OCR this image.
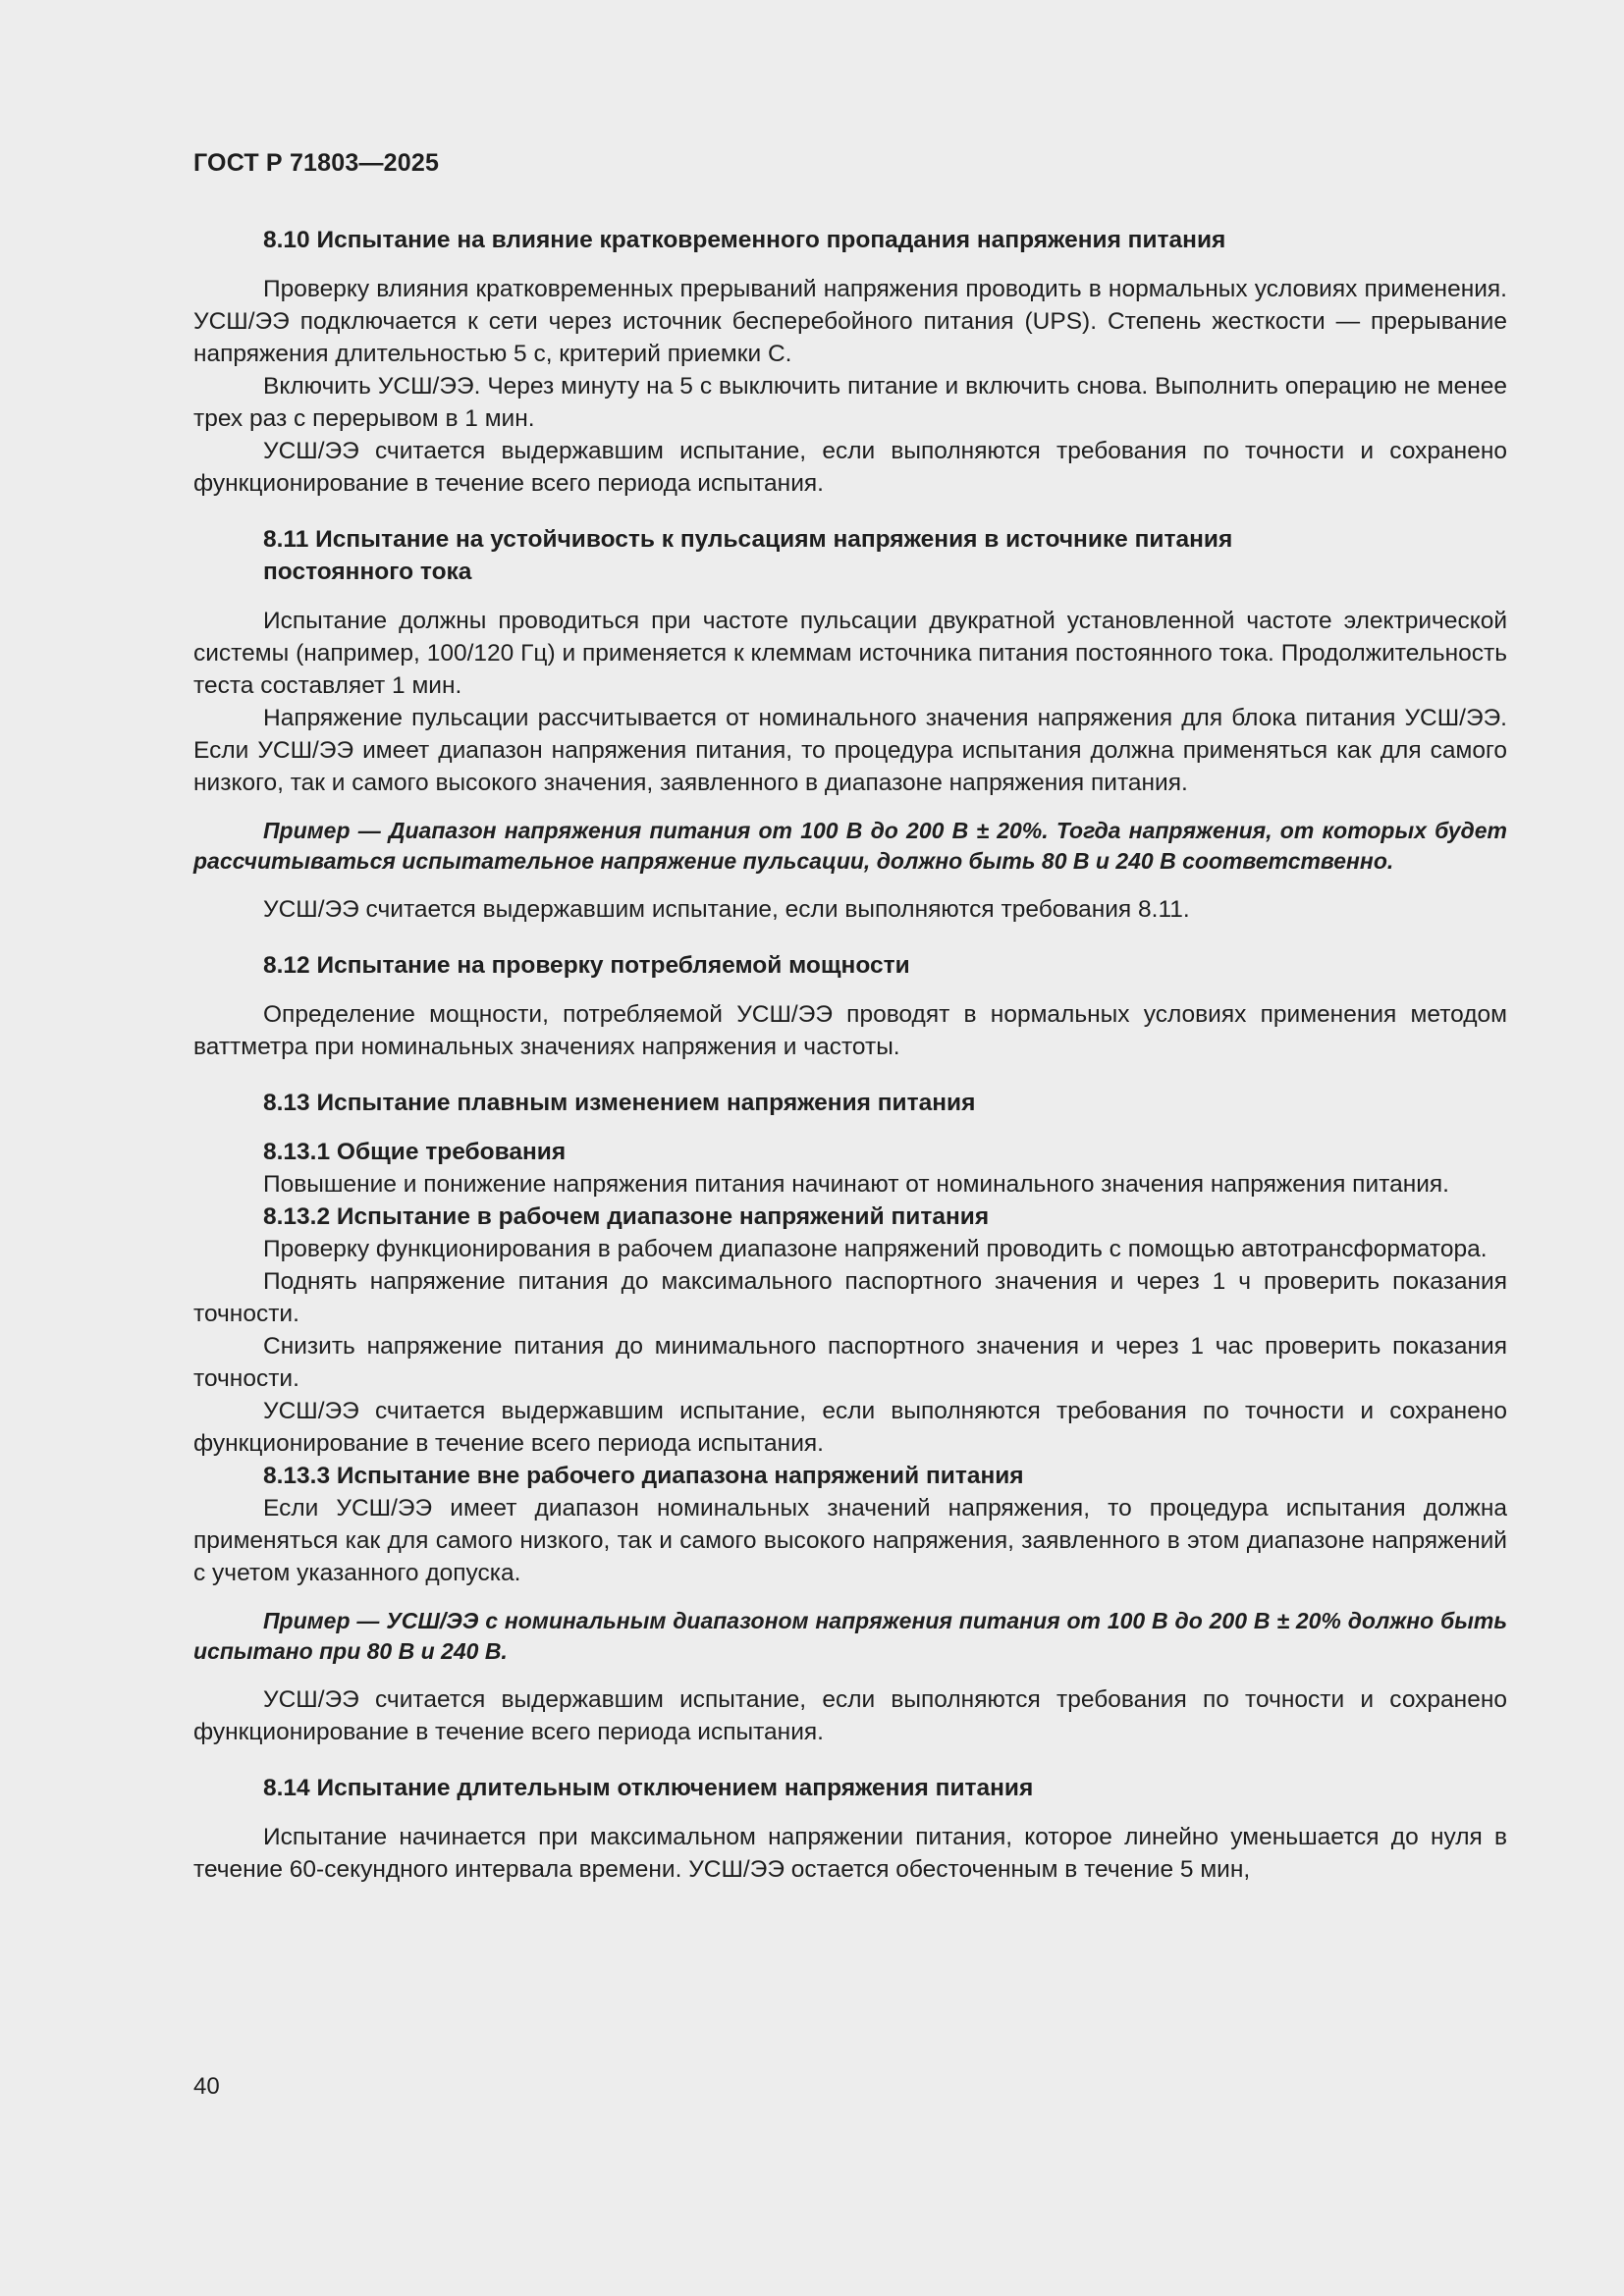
ГОСТ Р 71803—2025

8.10 Испытание на влияние кратковременного пропадания напряжения питания

Проверку влияния кратковременных прерываний напряжения проводить в нормальных условиях применения. УСШ/ЭЭ подключается к сети через источник бесперебойного питания (UPS). Степень жесткости — прерывание напряжения длительностью 5 с, критерий приемки С.

Включить УСШ/ЭЭ. Через минуту на 5 с выключить питание и включить снова. Выполнить операцию не менее трех раз с перерывом в 1 мин.

УСШ/ЭЭ считается выдержавшим испытание, если выполняются требования по точности и сохранено функционирование в течение всего периода испытания.

8.11 Испытание на устойчивость к пульсациям напряжения в источнике питания
постоянного тока

Испытание должны проводиться при частоте пульсации двукратной установленной частоте электрической системы (например, 100/120 Гц) и применяется к клеммам источника питания постоянного тока. Продолжительность теста составляет 1 мин.

Напряжение пульсации рассчитывается от номинального значения напряжения для блока питания УСШ/ЭЭ. Если УСШ/ЭЭ имеет диапазон напряжения питания, то процедура испытания должна применяться как для самого низкого, так и самого высокого значения, заявленного в диапазоне напряжения питания.

Пример — Диапазон напряжения питания от 100 В до 200 В ± 20%. Тогда напряжения, от которых будет рассчитываться испытательное напряжение пульсации, должно быть 80 В и 240 В соответственно.

УСШ/ЭЭ считается выдержавшим испытание, если выполняются требования 8.11.

8.12 Испытание на проверку потребляемой мощности

Определение мощности, потребляемой УСШ/ЭЭ проводят в нормальных условиях применения методом ваттметра при номинальных значениях напряжения и частоты.

8.13 Испытание плавным изменением напряжения питания
8.13.1 Общие требования

Повышение и понижение напряжения питания начинают от номинального значения напряжения питания.

8.13.2 Испытание в рабочем диапазоне напряжений питания

Проверку функционирования в рабочем диапазоне напряжений проводить с помощью автотрансформатора.

Поднять напряжение питания до максимального паспортного значения и через 1 ч проверить показания точности.

Снизить напряжение питания до минимального паспортного значения и через 1 час проверить показания точности.

УСШ/ЭЭ считается выдержавшим испытание, если выполняются требования по точности и сохранено функционирование в течение всего периода испытания.

8.13.3 Испытание вне рабочего диапазона напряжений питания

Если УСШ/ЭЭ имеет диапазон номинальных значений напряжения, то процедура испытания должна применяться как для самого низкого, так и самого высокого напряжения, заявленного в этом диапазоне напряжений с учетом указанного допуска.

Пример — УСШ/ЭЭ с номинальным диапазоном напряжения питания от 100 В до 200 В ± 20% должно быть испытано при 80 В и 240 В.

УСШ/ЭЭ считается выдержавшим испытание, если выполняются требования по точности и сохранено функционирование в течение всего периода испытания.

8.14 Испытание длительным отключением напряжения питания

Испытание начинается при максимальном напряжении питания, которое линейно уменьшается до нуля в течение 60-секундного интервала времени. УСШ/ЭЭ остается обесточенным в течение 5 мин,

40
